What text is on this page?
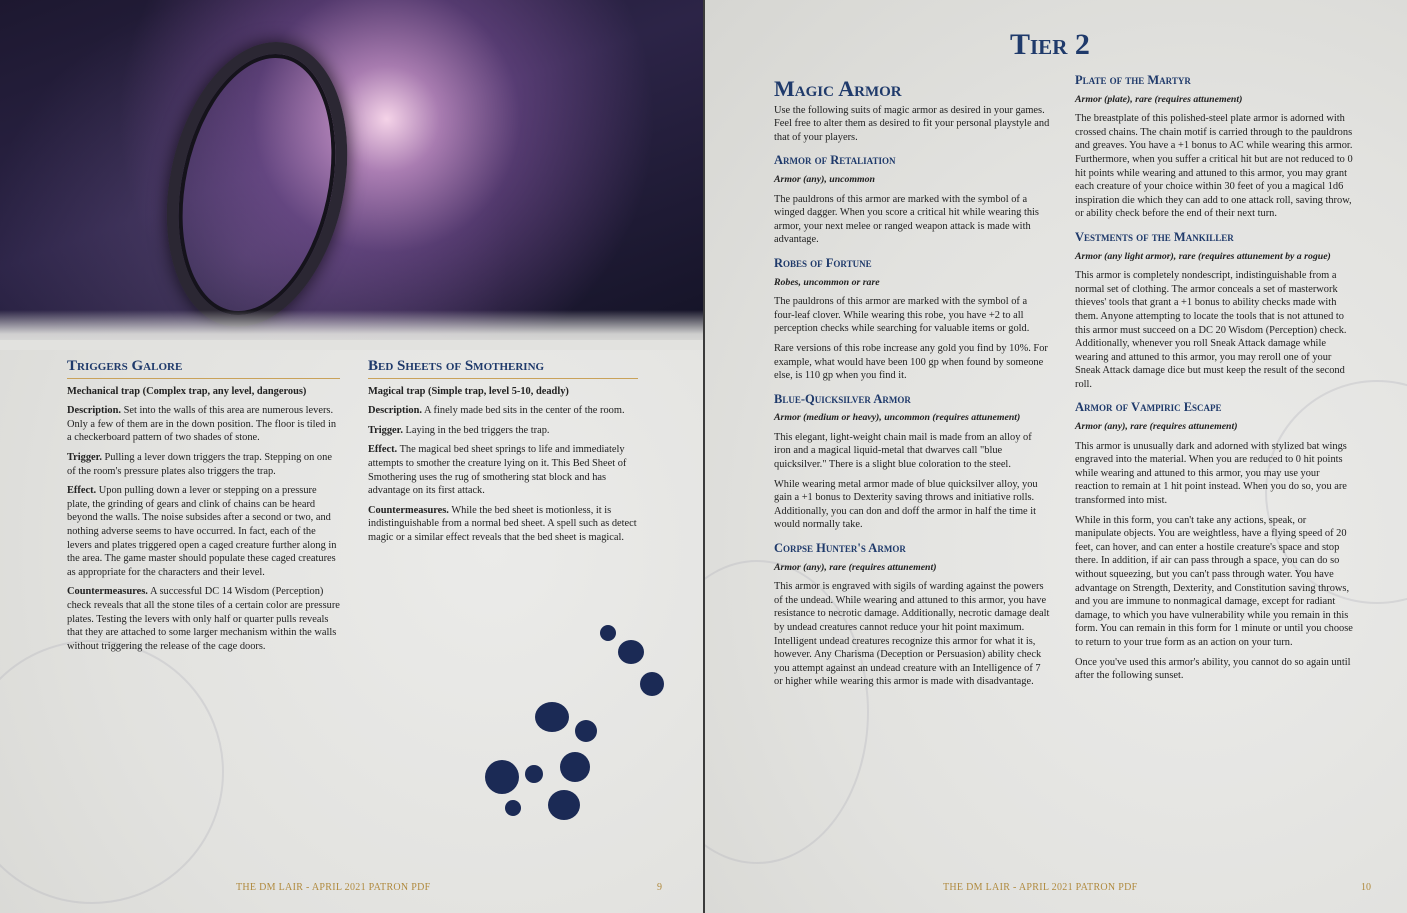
Triggers Galore

Mechanical trap (Complex trap, any level, dangerous)

Description. Set into the walls of this area are numerous levers. Only a few of them are in the down position. The floor is tiled in a checkerboard pattern of two shades of stone.

Trigger. Pulling a lever down triggers the trap. Stepping on one of the room's pressure plates also triggers the trap.

Effect. Upon pulling down a lever or stepping on a pressure plate, the grinding of gears and clink of chains can be heard beyond the walls. The noise subsides after a second or two, and nothing adverse seems to have occurred. In fact, each of the levers and plates triggered open a caged creature further along in the area. The game master should populate these caged creatures as appropriate for the characters and their level.

Countermeasures. A successful DC 14 Wisdom (Perception) check reveals that all the stone tiles of a certain color are pressure plates. Testing the levers with only half or quarter pulls reveals that they are attached to some larger mechanism within the walls without triggering the release of the cage doors.

Bed Sheets of Smothering

Magical trap (Simple trap, level 5-10, deadly)

Description. A finely made bed sits in the center of the room.

Trigger. Laying in the bed triggers the trap.

Effect. The magical bed sheet springs to life and immediately attempts to smother the creature lying on it. This Bed Sheet of Smothering uses the rug of smothering stat block and has advantage on its first attack.

Countermeasures. While the bed sheet is motionless, it is indistinguishable from a normal bed sheet. A spell such as detect magic or a similar effect reveals that the bed sheet is magical.

THE DM LAIR - APRIL 2021 PATRON PDF	9
Magic Armor

Use the following suits of magic armor as desired in your games. Feel free to alter them as desired to fit your personal playstyle and that of your players.

Armor of Retaliation

Armor (any), uncommon

The pauldrons of this armor are marked with the symbol of a winged dagger. When you score a critical hit while wearing this armor, your next melee or ranged weapon attack is made with advantage.

Robes of Fortune

Robes, uncommon or rare

The pauldrons of this armor are marked with the symbol of a four-leaf clover. While wearing this robe, you have +2 to all perception checks while searching for valuable items or gold.

Rare versions of this robe increase any gold you find by 10%. For example, what would have been 100 gp when found by someone else, is 110 gp when you find it.

Blue-Quicksilver Armor

Armor (medium or heavy), uncommon (requires attunement)

This elegant, light-weight chain mail is made from an alloy of iron and a magical liquid-metal that dwarves call "blue quicksilver." There is a slight blue coloration to the steel.

While wearing metal armor made of blue quicksilver alloy, you gain a +1 bonus to Dexterity saving throws and initiative rolls. Additionally, you can don and doff the armor in half the time it would normally take.

Corpse Hunter's Armor

Armor (any), rare (requires attunement)

This armor is engraved with sigils of warding against the powers of the undead. While wearing and attuned to this armor, you have resistance to necrotic damage. Additionally, necrotic damage dealt by undead creatures cannot reduce your hit point maximum. Intelligent undead creatures recognize this armor for what it is, however. Any Charisma (Deception or Persuasion) ability check you attempt against an undead creature with an Intelligence of 7 or higher while wearing this armor is made with disadvantage.

Plate of the Martyr

Armor (plate), rare (requires attunement)

The breastplate of this polished-steel plate armor is adorned with crossed chains. The chain motif is carried through to the pauldrons and greaves. You have a +1 bonus to AC while wearing this armor. Furthermore, when you suffer a critical hit but are not reduced to 0 hit points while wearing and attuned to this armor, you may grant each creature of your choice within 30 feet of you a magical 1d6 inspiration die which they can add to one attack roll, saving throw, or ability check before the end of their next turn.

Vestments of the Mankiller

Armor (any light armor), rare (requires attunement by a rogue)

This armor is completely nondescript, indistinguishable from a normal set of clothing. The armor conceals a set of masterwork thieves' tools that grant a +1 bonus to ability checks made with them. Anyone attempting to locate the tools that is not attuned to this armor must succeed on a DC 20 Wisdom (Perception) check. Additionally, whenever you roll Sneak Attack damage while wearing and attuned to this armor, you may reroll one of your Sneak Attack damage dice but must keep the result of the second roll.

Armor of Vampiric Escape

Armor (any), rare (requires attunement)

This armor is unusually dark and adorned with stylized bat wings engraved into the material. When you are reduced to 0 hit points while wearing and attuned to this armor, you may use your reaction to remain at 1 hit point instead. When you do so, you are transformed into mist.

While in this form, you can't take any actions, speak, or manipulate objects. You are weightless, have a flying speed of 20 feet, can hover, and can enter a hostile creature's space and stop there. In addition, if air can pass through a space, you can do so without squeezing, but you can't pass through water. You have advantage on Strength, Dexterity, and Constitution saving throws, and you are immune to nonmagical damage, except for radiant damage, to which you have vulnerability while you remain in this form. You can remain in this form for 1 minute or until you choose to return to your true form as an action on your turn.

Once you've used this armor's ability, you cannot do so again until after the following sunset.

THE DM LAIR - APRIL 2021 PATRON PDF	10
Tier 2
